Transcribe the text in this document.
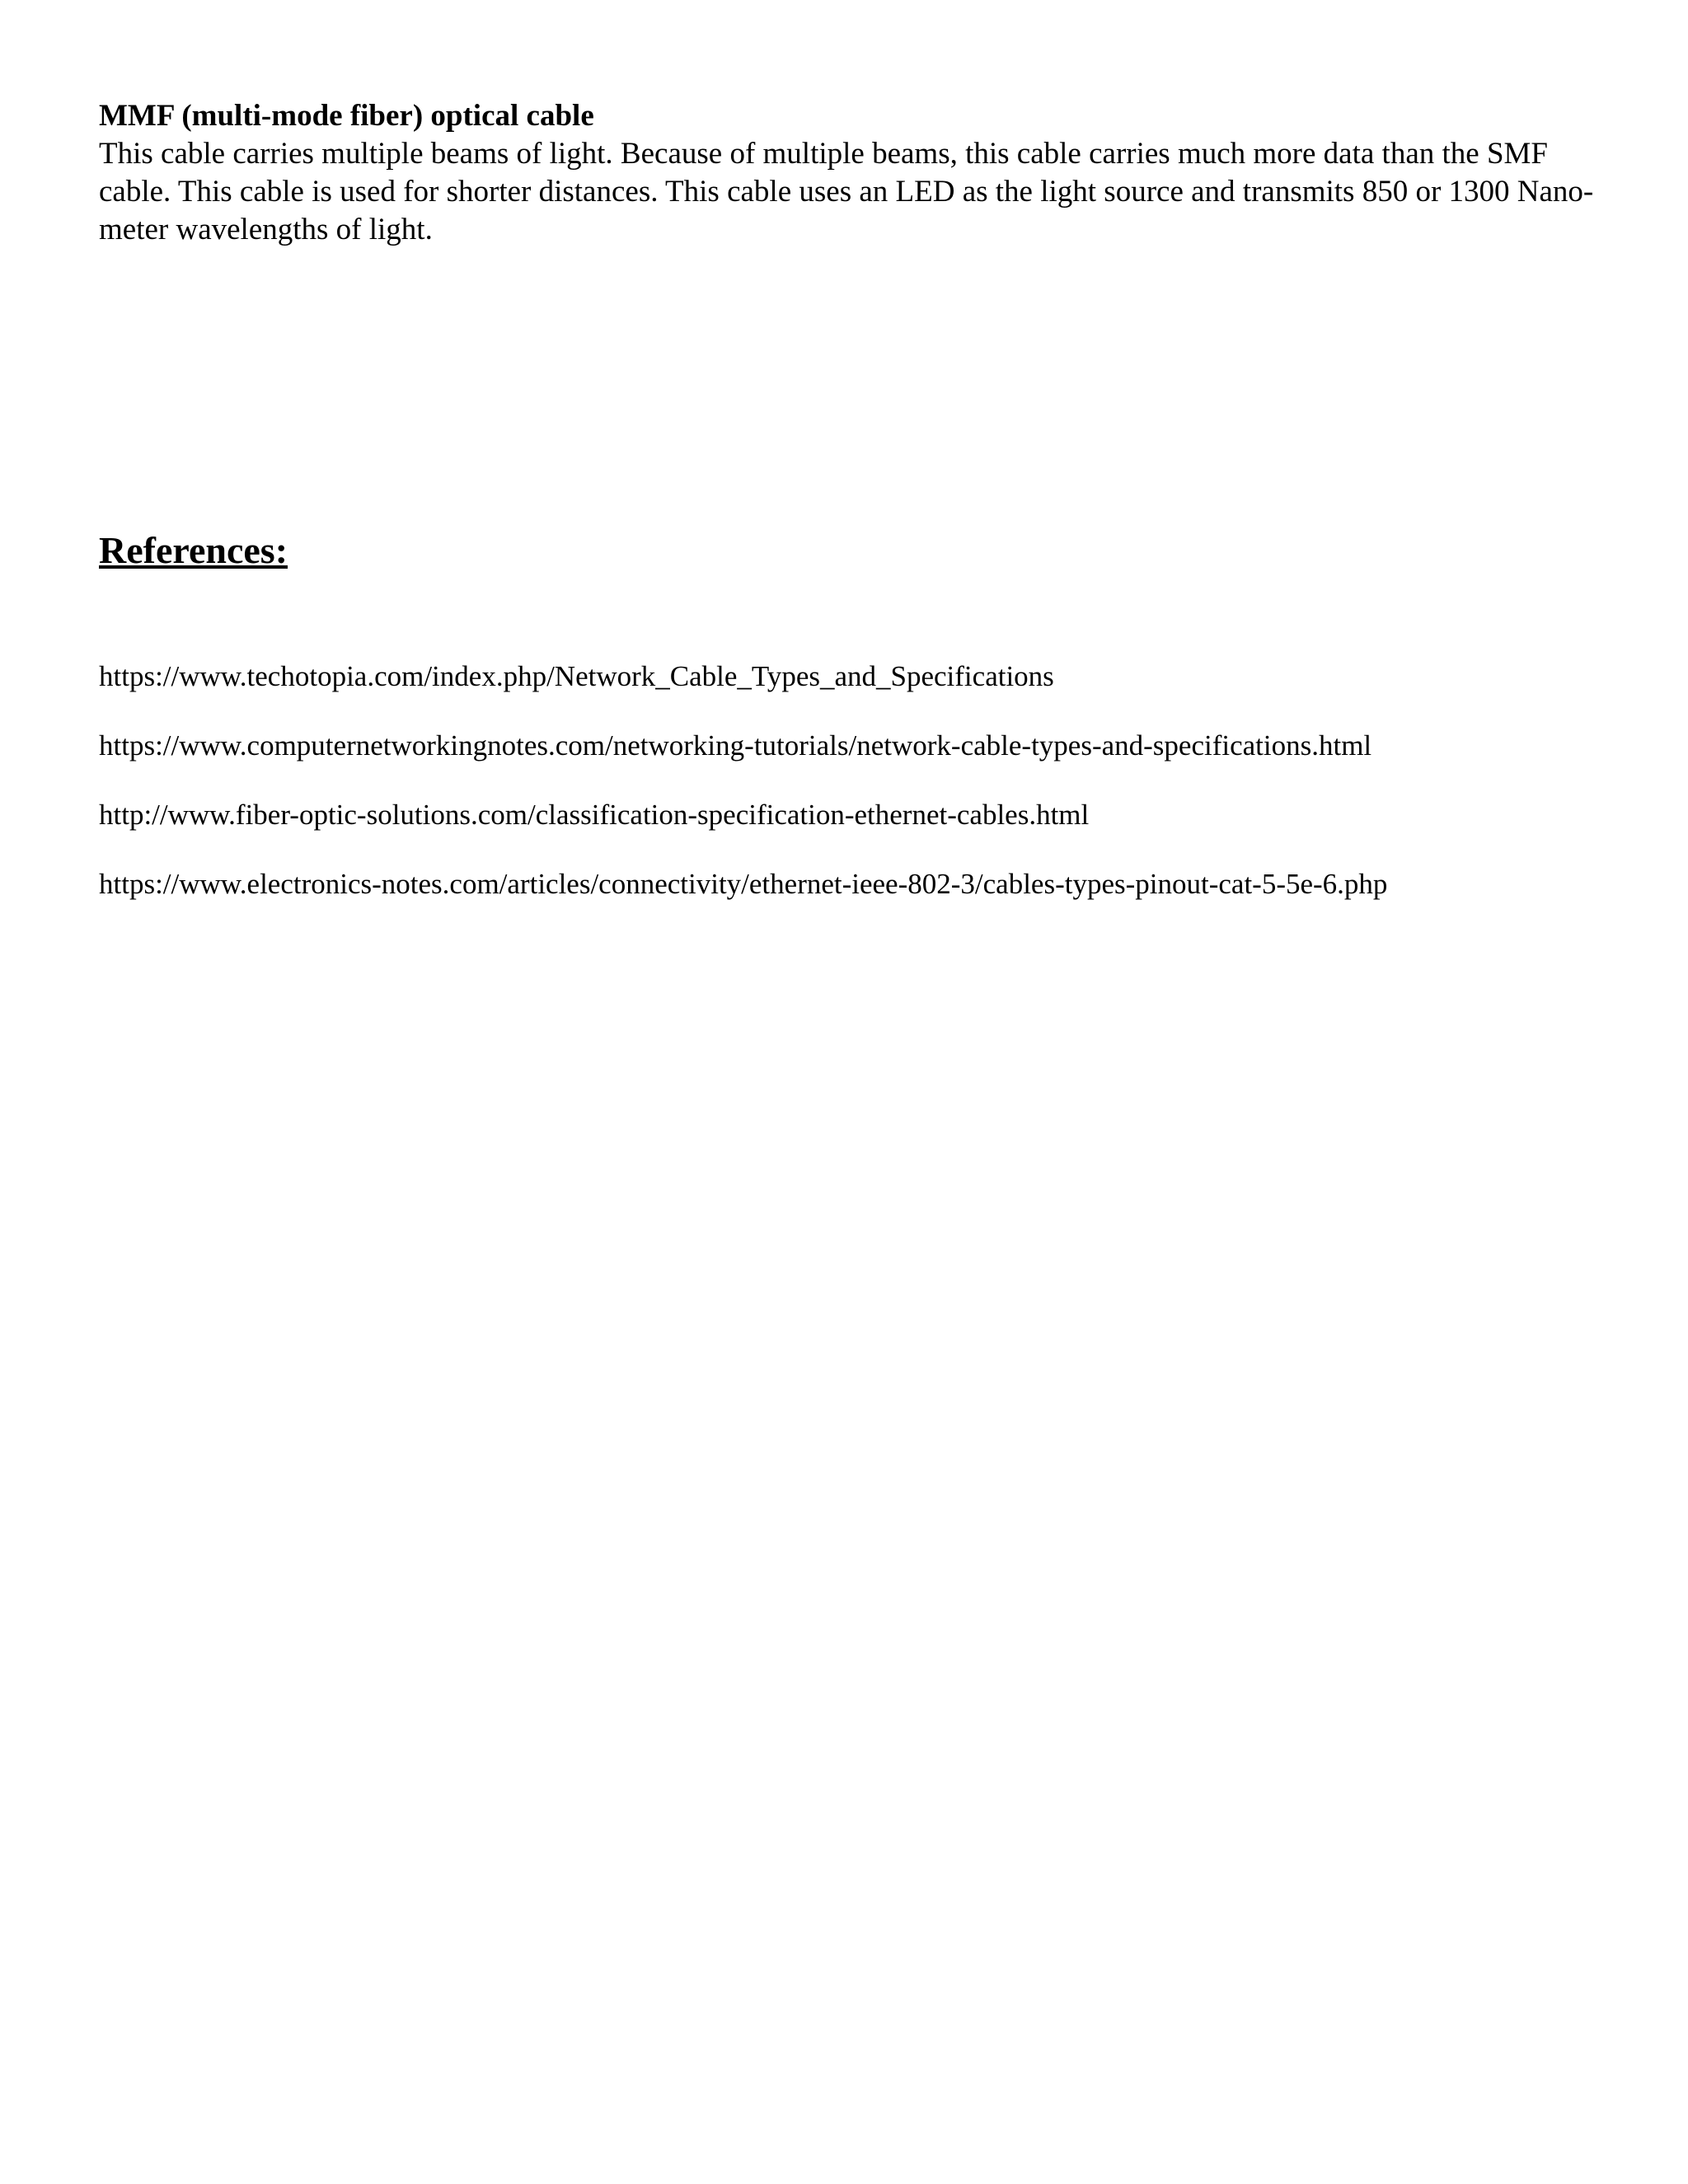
MMF (multi-mode fiber) optical cable

This cable carries multiple beams of light. Because of multiple beams, this cable carries much more data than the SMF cable. This cable is used for shorter distances. This cable uses an LED as the light source and transmits 850 or 1300 Nano-meter wavelengths of light.

References:
https://www.techotopia.com/index.php/Network_Cable_Types_and_Specifications
https://www.computernetworkingnotes.com/networking-tutorials/network-cable-types-and-specifications.html
http://www.fiber-optic-solutions.com/classification-specification-ethernet-cables.html
https://www.electronics-notes.com/articles/connectivity/ethernet-ieee-802-3/cables-types-pinout-cat-5-5e-6.php
